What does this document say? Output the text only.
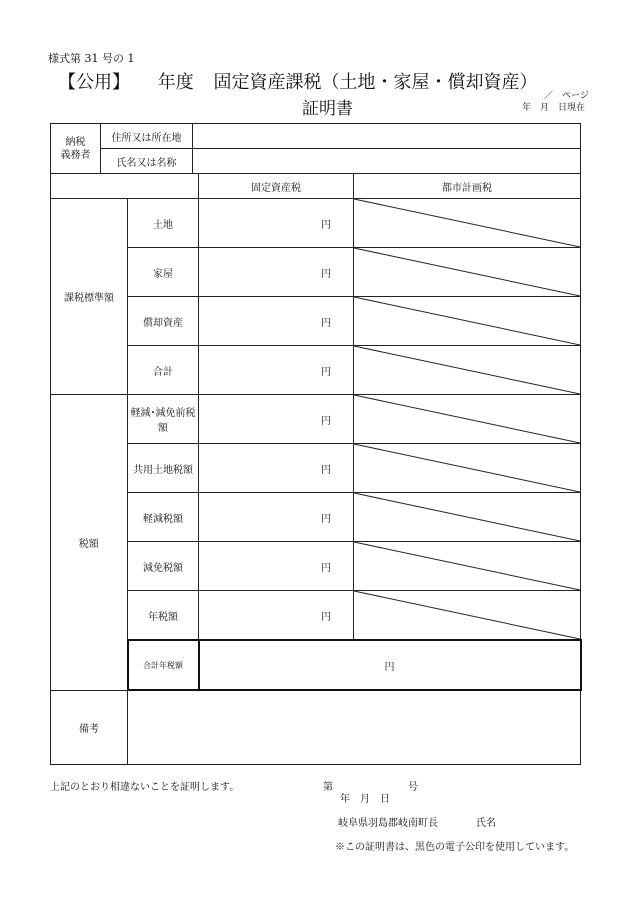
様式第 31 号の 1
【公用】 年度 固定資産課税（土地・家屋・償却資産）
証明書
／　ページ
年　月　日現在
納税
義務者	住所又は所在地				
	氏名又は名称				
				固定資産税	都市計画税
課税標準額		土地		円	

		家屋		円	

		償却資産		円	

		合計		円	

税額		軽減･減免前税額		円	

		共用土地税額		円	

		軽減税額		円	

		減免税額		円	

		年税額		円	

		合計年税額		円	
備考					
上記のとおり相違ないことを証明します。	第	号
年　月　日
岐阜県羽島郡岐南町長	氏名
※この証明書は、黒色の電子公印を使用しています。
